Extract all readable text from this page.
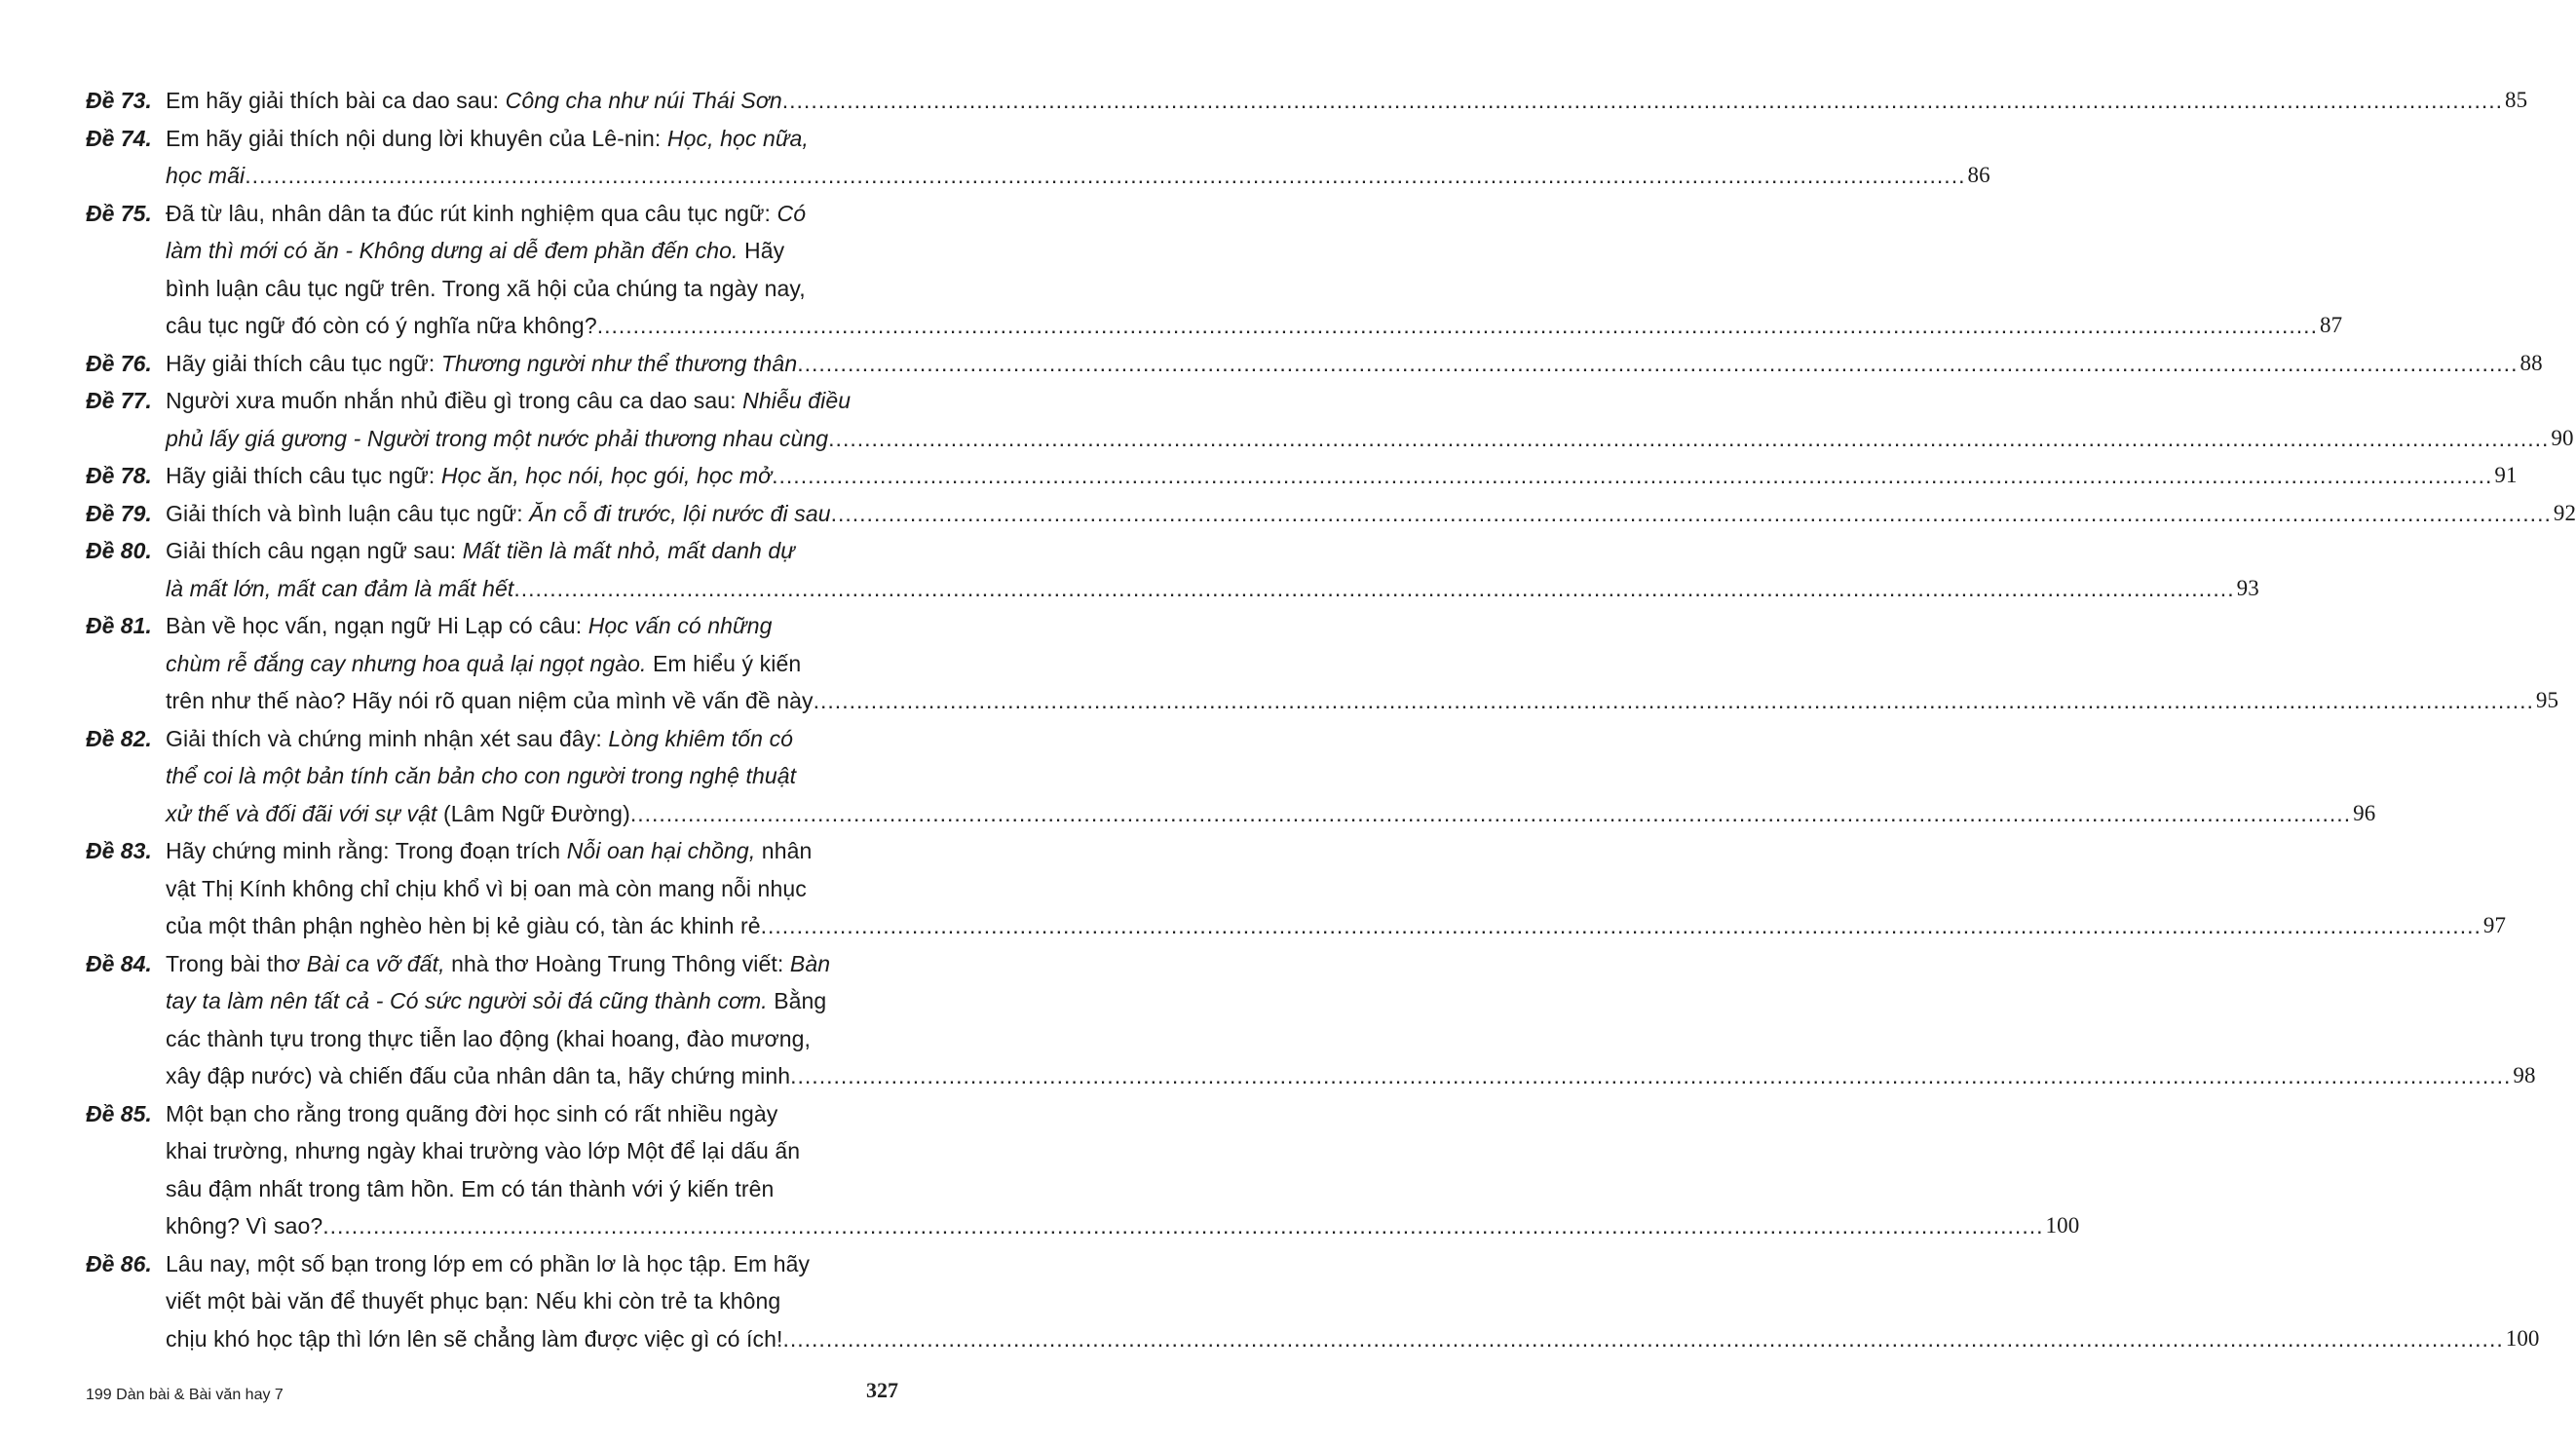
Đề 73. Em hãy giải thích bài ca dao sau: Công cha như núi Thái Sơn .....	85
Đề 74. Em hãy giải thích nội dung lời khuyên của Lê-nin: Học, học nữa,
học mãi .....	86
Đề 75. Đã từ lâu, nhân dân ta đúc rút kinh nghiệm qua câu tục ngữ: Có
làm thì mới có ăn - Không dưng ai dễ đem phần đến cho. Hãy
bình luận câu tục ngữ trên. Trong xã hội của chúng ta ngày nay,
câu tục ngữ đó còn có ý nghĩa nữa không? .....	87
Đề 76. Hãy giải thích câu tục ngữ: Thương người như thể thương thân .....	88
Đề 77. Người xưa muốn nhắn nhủ điều gì trong câu ca dao sau: Nhiễu điều
phủ lấy giá gương - Người trong một nước phải thương nhau cùng .....	90
Đề 78. Hãy giải thích câu tục ngữ: Học ăn, học nói, học gói, học mở .....	91
Đề 79. Giải thích và bình luận câu tục ngữ: Ăn cỗ đi trước, lội nước đi sau .....	92
Đề 80. Giải thích câu ngạn ngữ sau: Mất tiền là mất nhỏ, mất danh dự
là mất lớn, mất can đảm là mất hết .....	93
Đề 81. Bàn về học vấn, ngạn ngữ Hi Lạp có câu: Học vấn có những
chùm rễ đắng cay nhưng hoa quả lại ngọt ngào. Em hiểu ý kiến
trên như thế nào? Hãy nói rõ quan niệm của mình về vấn đề này .....	95
Đề 82. Giải thích và chứng minh nhận xét sau đây: Lòng khiêm tốn có
thể coi là một bản tính căn bản cho con người trong nghệ thuật
xử thế và đối đãi với sự vật (Lâm Ngữ Đường) .....	96
Đề 83. Hãy chứng minh rằng: Trong đoạn trích Nỗi oan hại chồng, nhân
vật Thị Kính không chỉ chịu khổ vì bị oan mà còn mang nỗi nhục
của một thân phận nghèo hèn bị kẻ giàu có, tàn ác khinh rẻ .....	97
Đề 84. Trong bài thơ Bài ca vỡ đất, nhà thơ Hoàng Trung Thông viết: Bàn
tay ta làm nên tất cả - Có sức người sỏi đá cũng thành cơm. Bằng
các thành tựu trong thực tiễn lao động (khai hoang, đào mương,
xây đập nước) và chiến đấu của nhân dân ta, hãy chứng minh .....	98
Đề 85. Một bạn cho rằng trong quãng đời học sinh có rất nhiều ngày
khai trường, nhưng ngày khai trường vào lớp Một để lại dấu ấn
sâu đậm nhất trong tâm hồn. Em có tán thành với ý kiến trên
không? Vì sao? .....	100
Đề 86. Lâu nay, một số bạn trong lớp em có phần lơ là học tập. Em hãy
viết một bài văn để thuyết phục bạn: Nếu khi còn trẻ ta không
chịu khó học tập thì lớn lên sẽ chẳng làm được việc gì có ích! .....	100
199 Dàn bài & Bài văn hay 7	327
